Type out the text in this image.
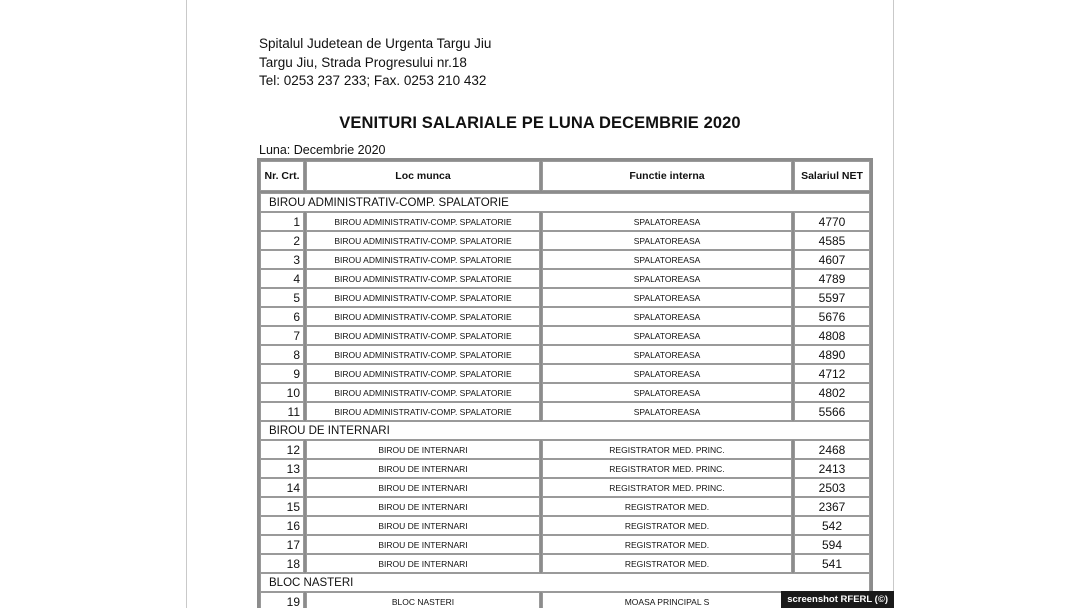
Spitalul Judetean de Urgenta Targu Jiu
Targu Jiu, Strada Progresului nr.18
Tel: 0253 237 233; Fax. 0253 210 432
VENITURI SALARIALE PE LUNA DECEMBRIE 2020
Luna: Decembrie 2020
Nr. Crt.	Loc munca	Functie interna	Salariul NET
BIROU ADMINISTRATIV-COMP. SPALATORIE
1	BIROU ADMINISTRATIV-COMP. SPALATORIE	SPALATOREASA	4770
2	BIROU ADMINISTRATIV-COMP. SPALATORIE	SPALATOREASA	4585
3	BIROU ADMINISTRATIV-COMP. SPALATORIE	SPALATOREASA	4607
4	BIROU ADMINISTRATIV-COMP. SPALATORIE	SPALATOREASA	4789
5	BIROU ADMINISTRATIV-COMP. SPALATORIE	SPALATOREASA	5597
6	BIROU ADMINISTRATIV-COMP. SPALATORIE	SPALATOREASA	5676
7	BIROU ADMINISTRATIV-COMP. SPALATORIE	SPALATOREASA	4808
8	BIROU ADMINISTRATIV-COMP. SPALATORIE	SPALATOREASA	4890
9	BIROU ADMINISTRATIV-COMP. SPALATORIE	SPALATOREASA	4712
10	BIROU ADMINISTRATIV-COMP. SPALATORIE	SPALATOREASA	4802
11	BIROU ADMINISTRATIV-COMP. SPALATORIE	SPALATOREASA	5566
BIROU DE INTERNARI
12	BIROU DE INTERNARI	REGISTRATOR MED. PRINC.	2468
13	BIROU DE INTERNARI	REGISTRATOR MED. PRINC.	2413
14	BIROU DE INTERNARI	REGISTRATOR MED. PRINC.	2503
15	BIROU DE INTERNARI	REGISTRATOR MED.	2367
16	BIROU DE INTERNARI	REGISTRATOR MED.	542
17	BIROU DE INTERNARI	REGISTRATOR MED.	594
18	BIROU DE INTERNARI	REGISTRATOR MED.	541
BLOC NASTERI
19	BLOC NASTERI	MOASA PRINCIPAL S	screenshot RFERL (©)
